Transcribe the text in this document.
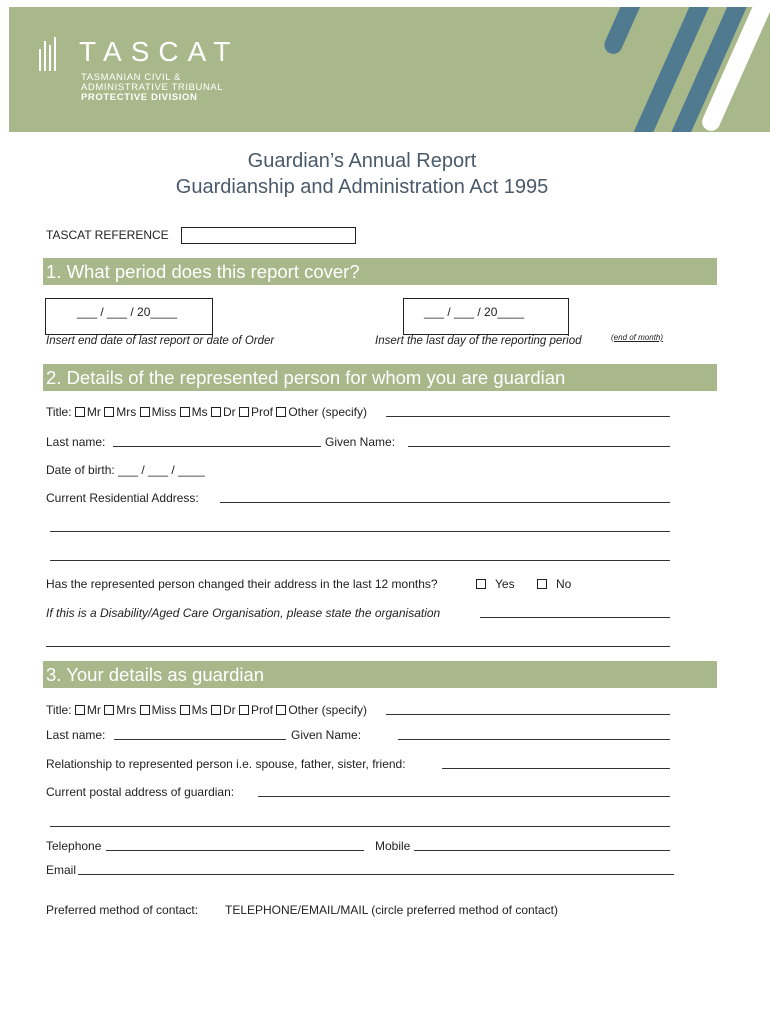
TASCAT
TASMANIAN CIVIL &
ADMINISTRATIVE TRIBUNAL
PROTECTIVE DIVISION
Guardian’s Annual Report
Guardianship and Administration Act 1995
TASCAT REFERENCE
1. What period does this report cover?
___ / ___ / 20____	___ / ___ / 20____
Insert end date of last report or date of Order	Insert the last day of the reporting period	(end of month)
2. Details of the represented person for whom you are guardian
Title: Mr Mrs Miss Ms Dr Prof Other (specify)
Last name:	Given Name:
Date of birth: ___ / ___ / ____
Current Residential Address:
Has the represented person changed their address in the last 12 months?	Yes	No
If this is a Disability/Aged Care Organisation, please state the organisation
3. Your details as guardian
Title: Mr Mrs Miss Ms Dr Prof Other (specify)
Last name:	Given Name:
Relationship to represented person i.e. spouse, father, sister, friend:
Current postal address of guardian:
Telephone	Mobile
Email
Preferred method of contact: TELEPHONE/EMAIL/MAIL (circle preferred method of contact)
